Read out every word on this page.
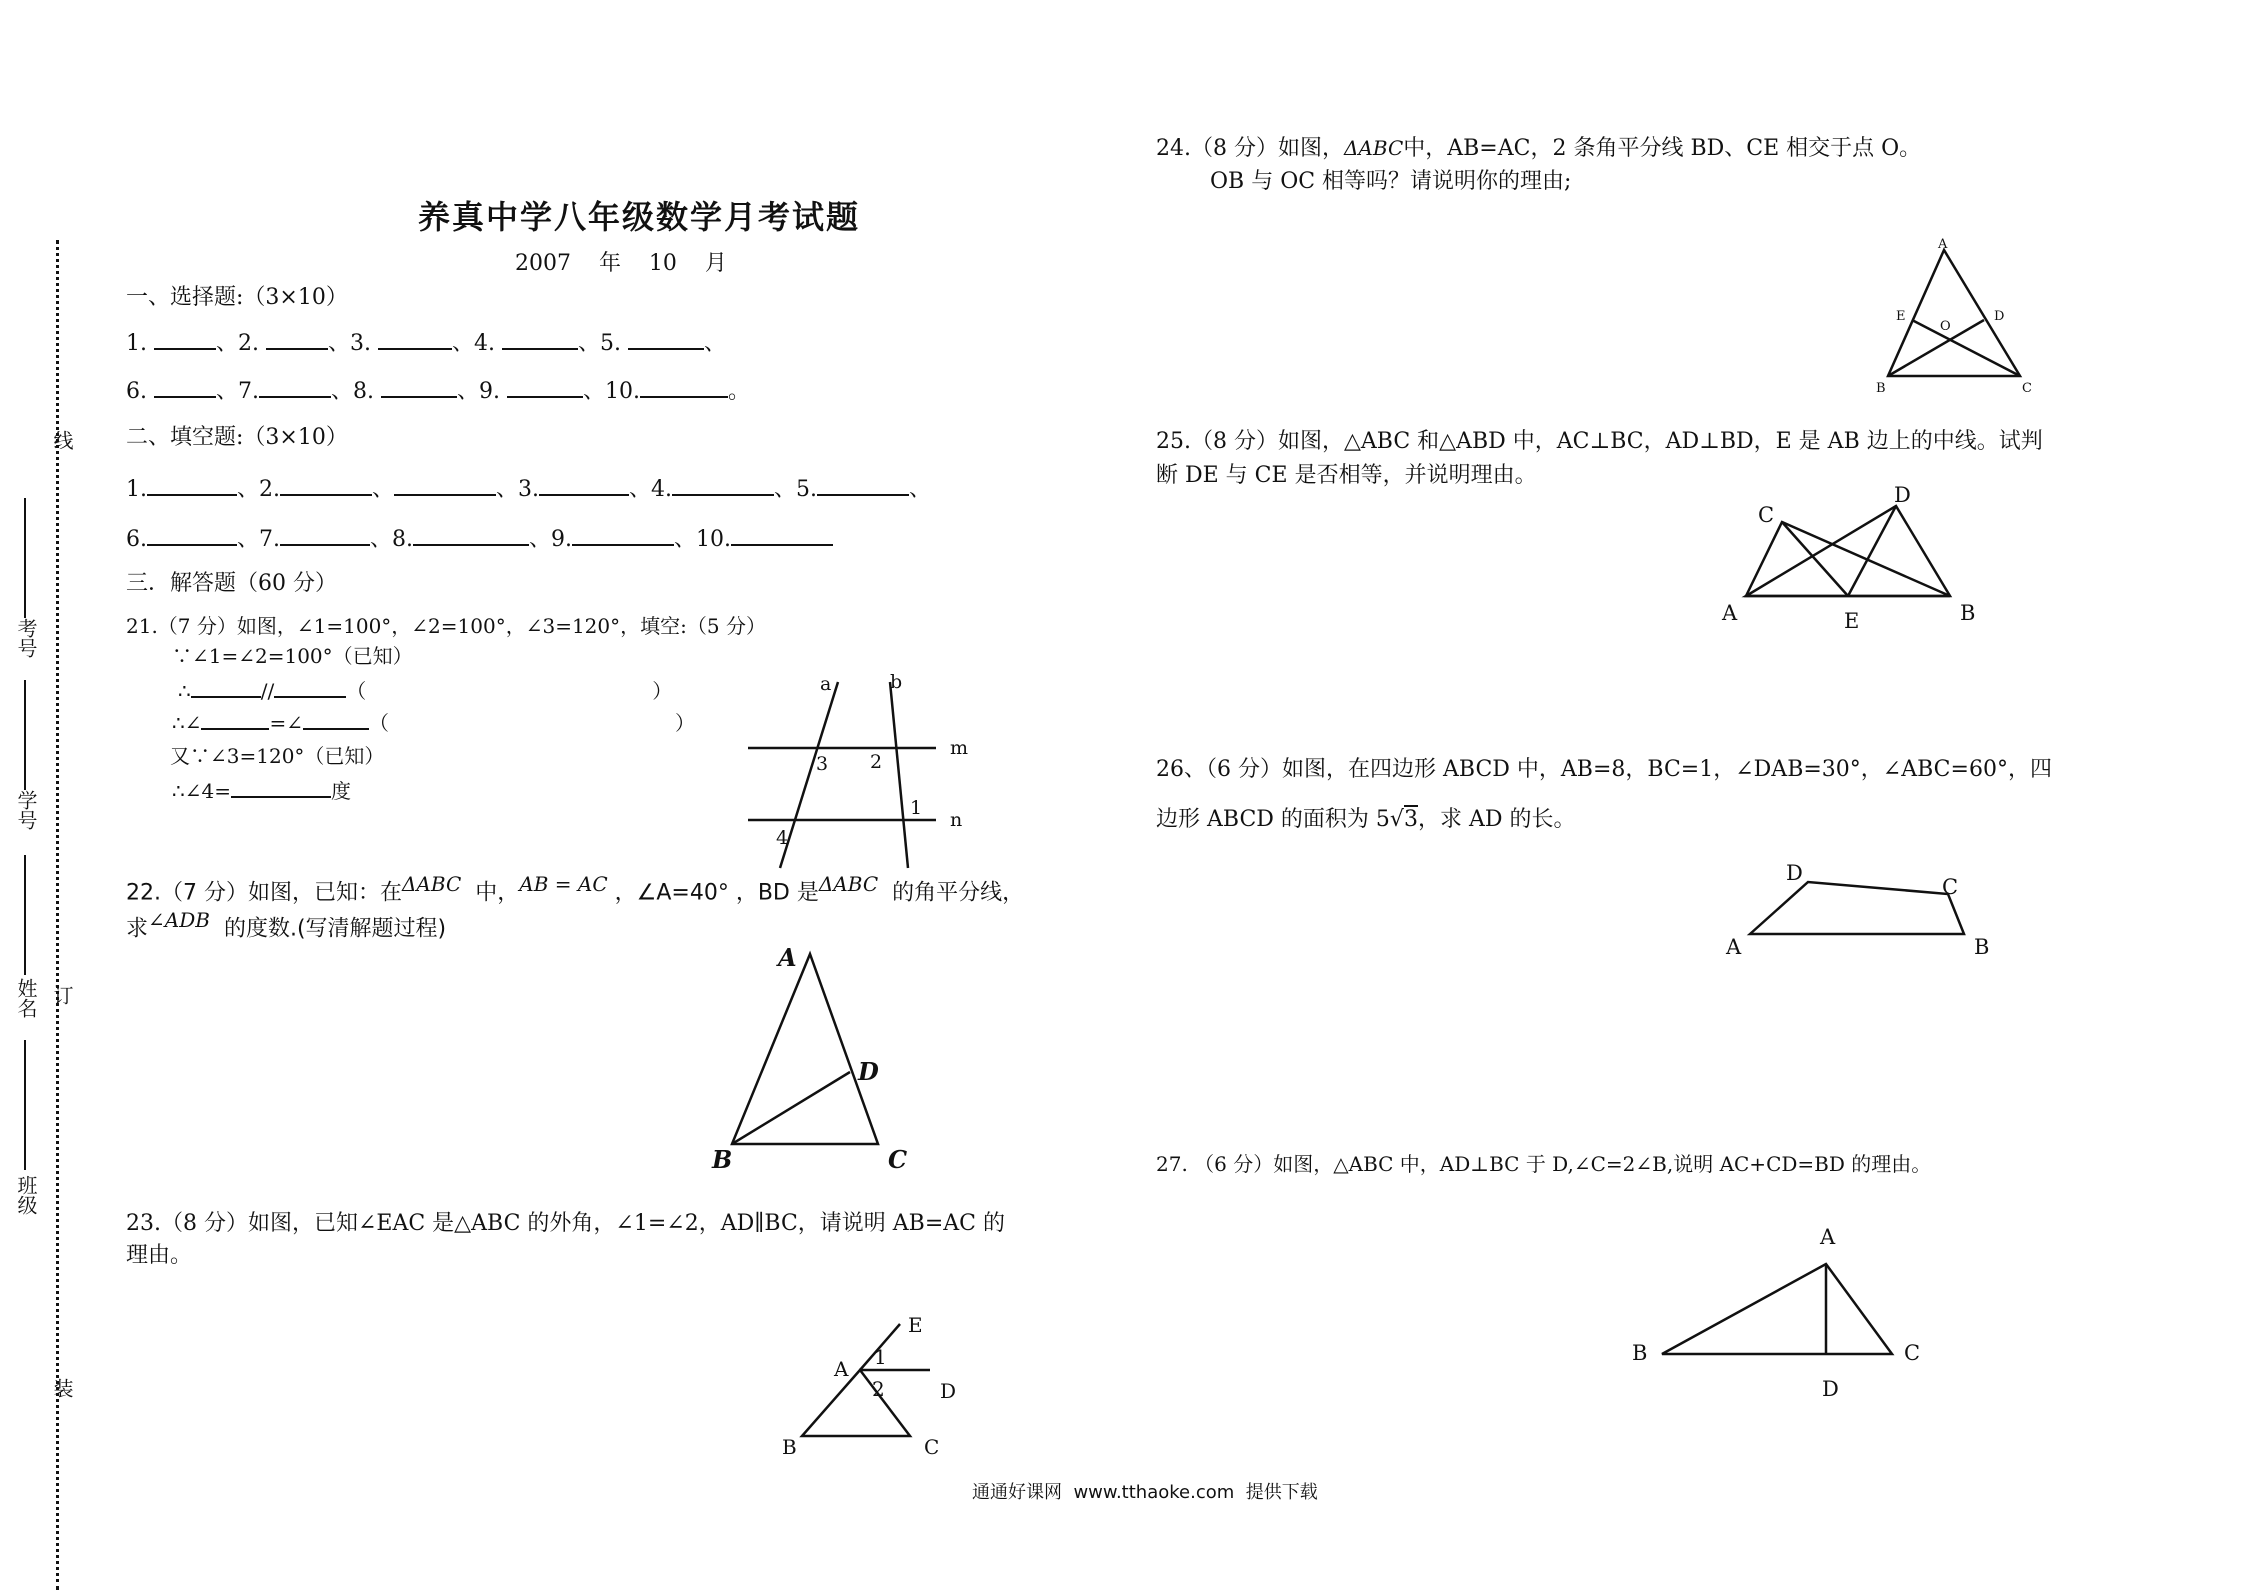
线
考号
学号
姓名 订
班级
装
养真中学八年级数学月考试题
2007    年    10    月
一、选择题:（3×10）
1.	、2.	、3.	、4.	、5.	、
6.	、7.	、8.	、9.	、10.	。
二、填空题:（3×10）
1.	、2.	、	、3.	、4.	、5.	、
6.	、7.	、8.	、9.	、10.
三．解答题（60 分）
21.（7 分）如图，∠1=100°，∠2=100°，∠3=120°，填空:（5 分）
∵∠1=∠2=100°（已知）
∴	//	（	）
∴∠	=∠	（	）
又∵∠3=120°（已知）
∴∠4=	度
a	b
m
n
3 2
1
4
22.（7 分）如图，已知：在$^{\Delta ABC}$ 中，$^{AB = AC}$ ，∠A=40° ，BD 是$^{\Delta ABC}$ 的角平分线，
求$^{\angle ADB}$ 的度数.(写清解题过程)
A
B	C
D
23.（8 分）如图，已知∠EAC 是△ABC 的外角，∠1=∠2，AD∥BC，请说明 AB=AC 的
理由。
E
A 1
2	D
B	C
24.（8 分）如图，ΔABC中，AB=AC，2 条角平分线 BD、CE 相交于点 O。
OB 与 OC 相等吗？请说明你的理由;
A
E	D
O
B	C
25.（8 分）如图，△ABC 和△ABD 中，AC⊥BC，AD⊥BD，E 是 AB 边上的中线。试判
断 DE 与 CE 是否相等，并说明理由。
A
C
D
B
E
26、（6 分）如图，在四边形 ABCD 中，AB=8，BC=1，∠DAB=30°，∠ABC=60°，四
边形 ABCD 的面积为 5√3，求 AD 的长。
A
D
C
B
27. （6 分）如图，△ABC 中，AD⊥BC 于 D,∠C=2∠B,说明 AC+CD=BD 的理由。
A
B	C
D
通通好课网  www.tthaoke.com  提供下载
